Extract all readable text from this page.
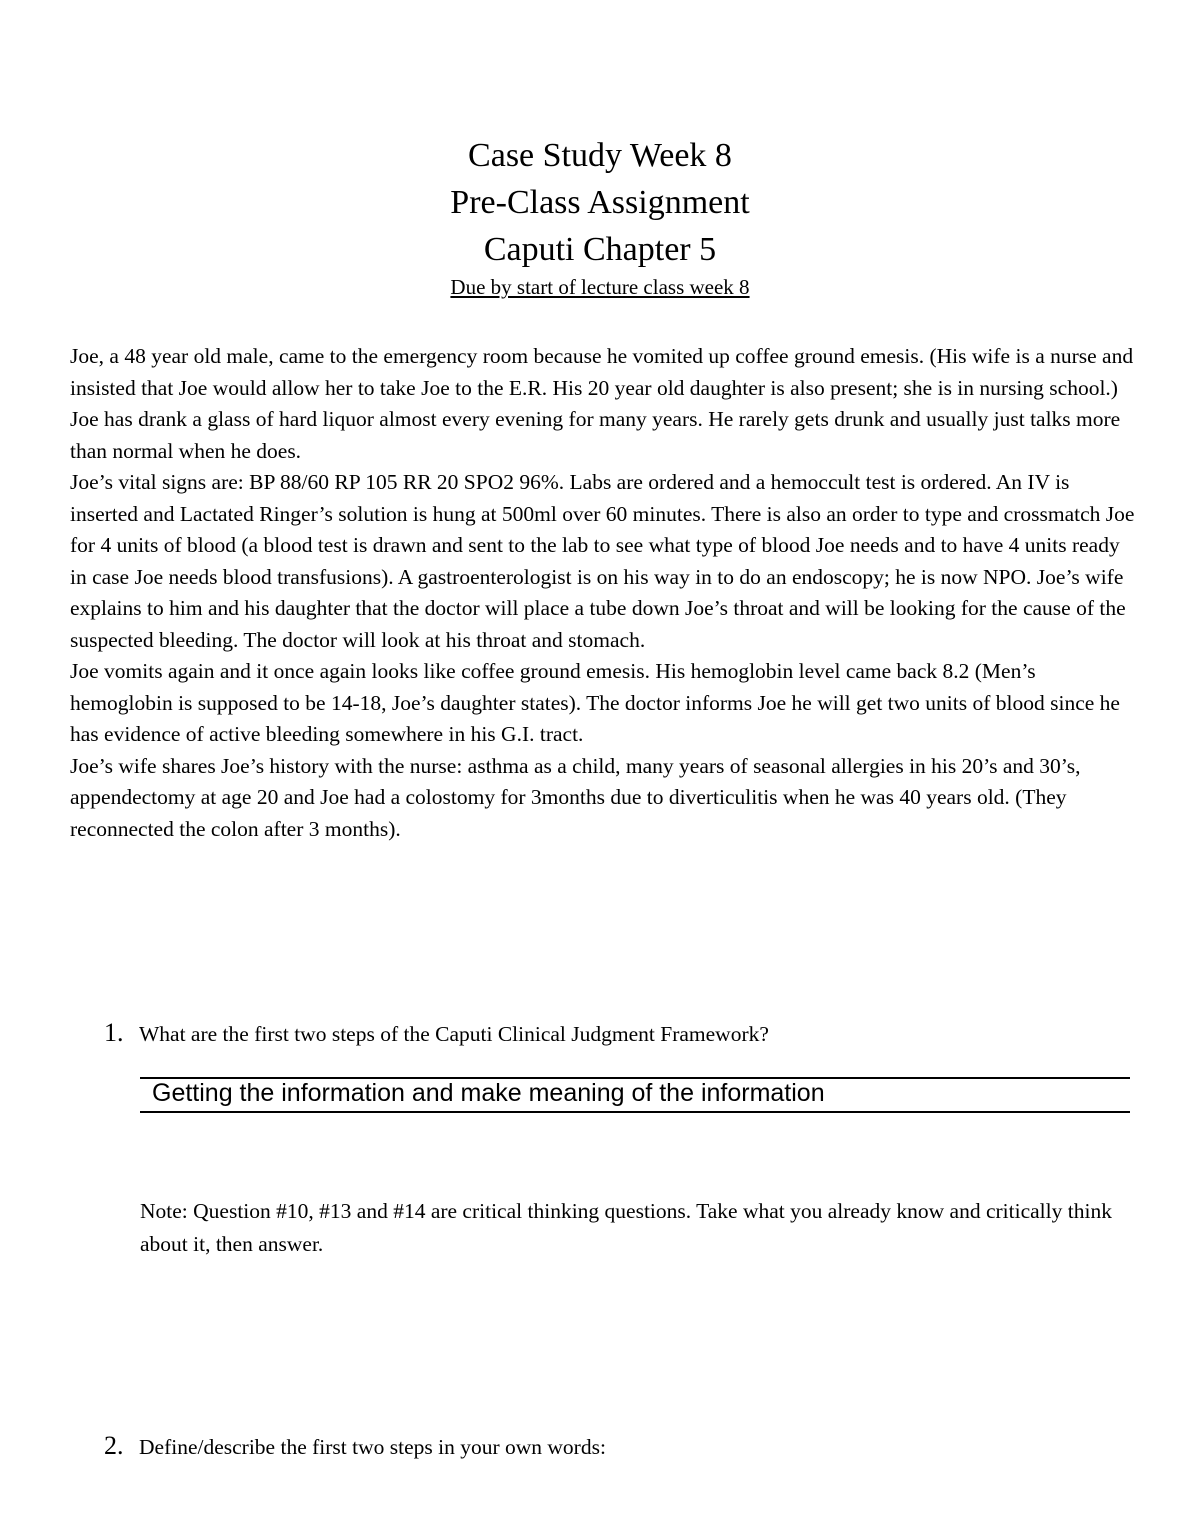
Case Study Week 8
Pre-Class Assignment
Caputi Chapter 5
Due by start of lecture class week 8

Joe, a 48 year old male, came to the emergency room because he vomited up coffee ground emesis. (His wife is a nurse and insisted that Joe would allow her to take Joe to the E.R. His 20 year old daughter is also present; she is in nursing school.) Joe has drank a glass of hard liquor almost every evening for many years. He rarely gets drunk and usually just talks more than normal when he does.

Joe’s vital signs are: BP 88/60 RP 105 RR 20 SPO2 96%. Labs are ordered and a hemoccult test is ordered. An IV is inserted and Lactated Ringer’s solution is hung at 500ml over 60 minutes. There is also an order to type and crossmatch Joe for 4 units of blood (a blood test is drawn and sent to the lab to see what type of blood Joe needs and to have 4 units ready in case Joe needs blood transfusions). A gastroenterologist is on his way in to do an endoscopy; he is now NPO. Joe’s wife explains to him and his daughter that the doctor will place a tube down Joe’s throat and will be looking for the cause of the suspected bleeding. The doctor will look at his throat and stomach.

Joe vomits again and it once again looks like coffee ground emesis. His hemoglobin level came back 8.2 (Men’s hemoglobin is supposed to be 14-18, Joe’s daughter states). The doctor informs Joe he will get two units of blood since he has evidence of active bleeding somewhere in his G.I. tract.

Joe’s wife shares Joe’s history with the nurse: asthma as a child, many years of seasonal allergies in his 20’s and 30’s, appendectomy at age 20 and Joe had a colostomy for 3months due to diverticulitis when he was 40 years old. (They reconnected the colon after 3 months).

1. What are the first two steps of the Caputi Clinical Judgment Framework?
Getting the information and make meaning of the information
Note: Question #10, #13 and #14 are critical thinking questions. Take what you already know and critically think about it, then answer.
2. Define/describe the first two steps in your own words:
